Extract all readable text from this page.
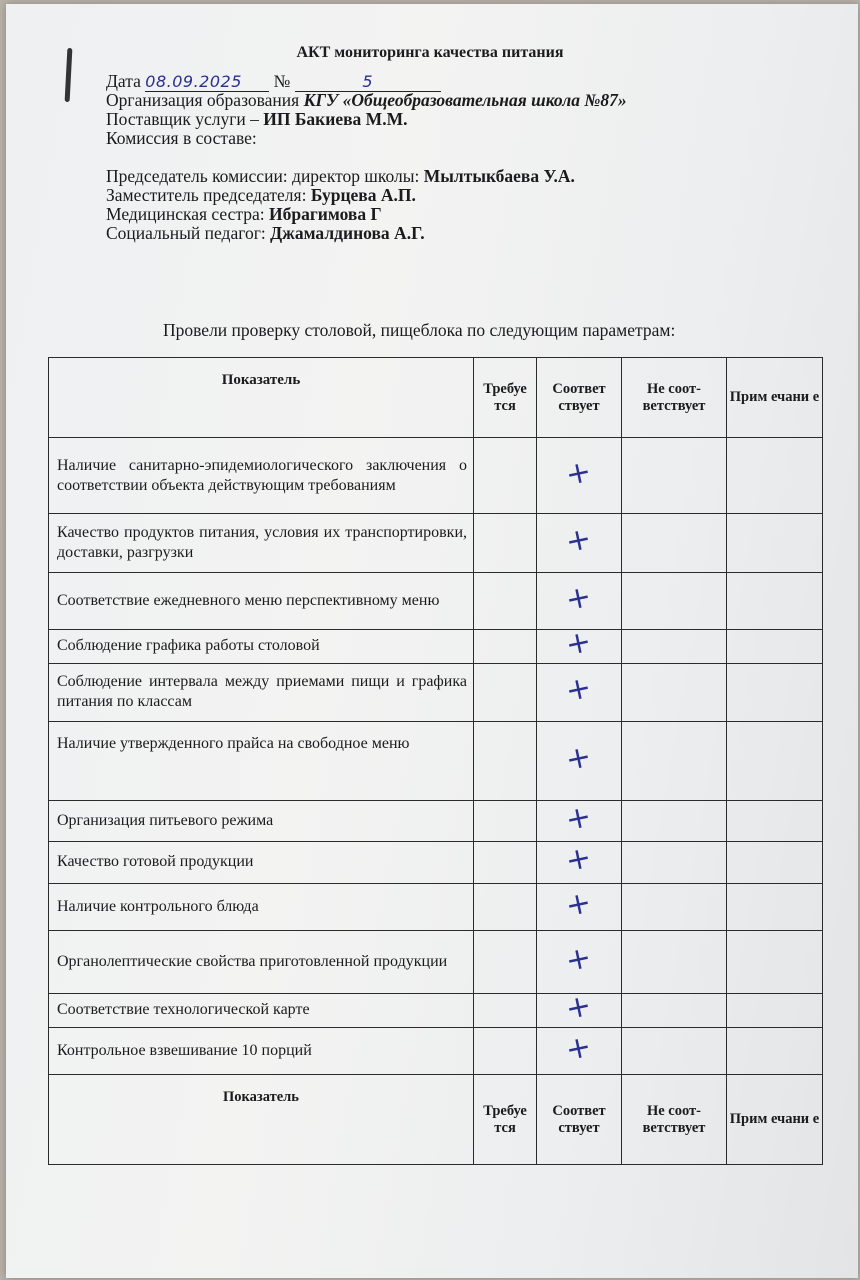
АКТ мониторинга качества питания
Дата 08.09.2025 №	5
Организация образования КГУ «Общеобразовательная школа №87»
Поставщик услуги – ИП Бакиева М.М.
Комиссия в составе:
Председатель комиссии: директор школы: Мылтыкбаева У.А.
Заместитель председателя: Бурцева А.П.
Медицинская сестра: Ибрагимова Г
Социальный педагог: Джамалдинова А.Г.
Провели проверку столовой, пищеблока по следующим параметрам:
Показатель	Требуе тся	Соответ ствует	Не соот- ветствует	Прим ечани е
Наличие санитарно-эпидемиологического заключения о соответствии объекта действующим требованиям		+		
Качество продуктов питания, условия их транспортировки, доставки, разгрузки		+		
Соответствие ежедневного меню перспективному меню		+		
Соблюдение графика работы столовой		+		
Соблюдение интервала между приемами пищи и графика питания по классам		+		
Наличие утвержденного прайса на свободное меню		+		
Организация питьевого режима		+		
Качество готовой продукции		+		
Наличие контрольного блюда		+		
Органолептические свойства приготовленной продукции		+		
Соответствие технологической карте		+		
Контрольное взвешивание 10 порций		+		
Показатель	Требуе тся	Соответ ствует	Не соот- ветствует	Прим ечани е
